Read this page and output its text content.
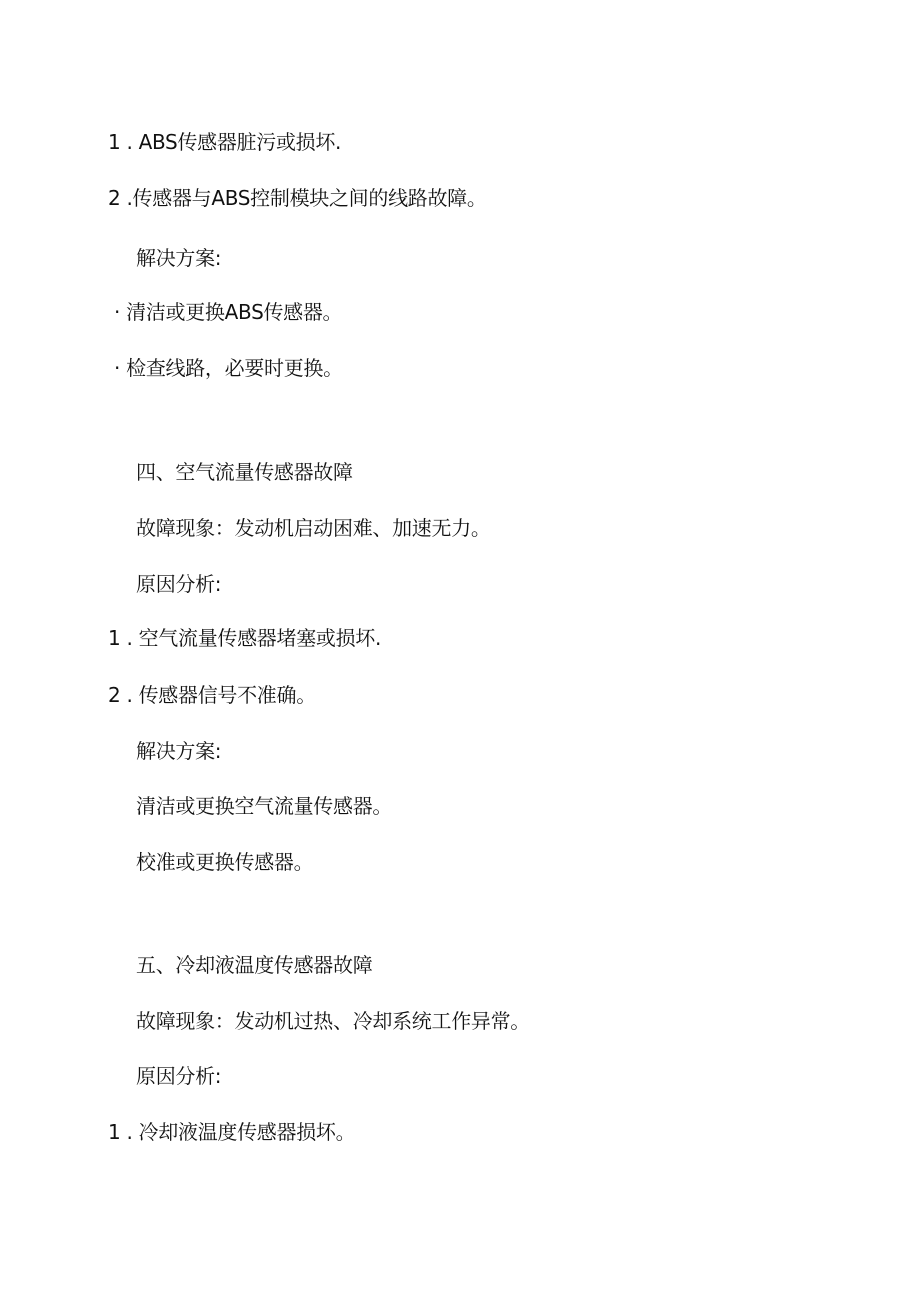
1 . ABS传感器脏污或损坏.
2 .传感器与ABS控制模块之间的线路故障。
解决方案:
· 清洁或更换ABS传感器。
· 检查线路，必要时更换。
四、空气流量传感器故障
故障现象：发动机启动困难、加速无力。
原因分析:
1 . 空气流量传感器堵塞或损坏.
2 . 传感器信号不准确。
解决方案:
清洁或更换空气流量传感器。
校准或更换传感器。
五、冷却液温度传感器故障
故障现象：发动机过热、冷却系统工作异常。
原因分析:
1 . 冷却液温度传感器损坏。
